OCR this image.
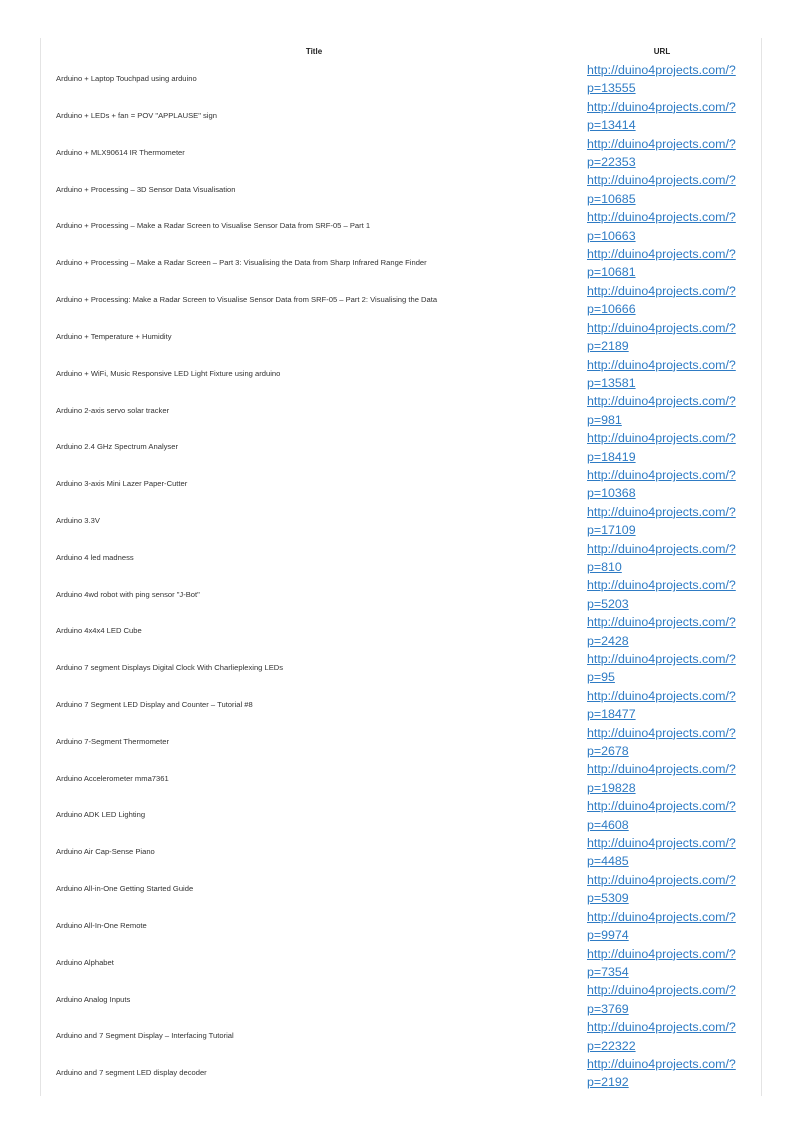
Title	URL
Arduino + Laptop Touchpad using arduino	http://duino4projects.com/?p=13555
Arduino + LEDs + fan = POV "APPLAUSE" sign	http://duino4projects.com/?p=13414
Arduino + MLX90614 IR Thermometer	http://duino4projects.com/?p=22353
Arduino + Processing – 3D Sensor Data Visualisation	http://duino4projects.com/?p=10685
Arduino + Processing – Make a Radar Screen to Visualise Sensor Data from SRF-05 – Part 1	http://duino4projects.com/?p=10663
Arduino + Processing – Make a Radar Screen – Part 3: Visualising the Data from Sharp Infrared Range Finder	http://duino4projects.com/?p=10681
Arduino + Processing: Make a Radar Screen to Visualise Sensor Data from SRF-05 – Part 2: Visualising the Data	http://duino4projects.com/?p=10666
Arduino + Temperature + Humidity	http://duino4projects.com/?p=2189
Arduino + WiFi, Music Responsive LED Light Fixture using arduino	http://duino4projects.com/?p=13581
Arduino 2-axis servo solar tracker	http://duino4projects.com/?p=981
Arduino 2.4 GHz Spectrum Analyser	http://duino4projects.com/?p=18419
Arduino 3-axis Mini Lazer Paper-Cutter	http://duino4projects.com/?p=10368
Arduino 3.3V	http://duino4projects.com/?p=17109
Arduino 4 led madness	http://duino4projects.com/?p=810
Arduino 4wd robot with ping sensor "J-Bot"	http://duino4projects.com/?p=5203
Arduino 4x4x4 LED Cube	http://duino4projects.com/?p=2428
Arduino 7 segment Displays Digital Clock With Charlieplexing LEDs	http://duino4projects.com/?p=95
Arduino 7 Segment LED Display and Counter – Tutorial #8	http://duino4projects.com/?p=18477
Arduino 7-Segment Thermometer	http://duino4projects.com/?p=2678
Arduino Accelerometer mma7361	http://duino4projects.com/?p=19828
Arduino ADK LED Lighting	http://duino4projects.com/?p=4608
Arduino Air Cap-Sense Piano	http://duino4projects.com/?p=4485
Arduino All-in-One Getting Started Guide	http://duino4projects.com/?p=5309
Arduino All-In-One Remote	http://duino4projects.com/?p=9974
Arduino Alphabet	http://duino4projects.com/?p=7354
Arduino Analog Inputs	http://duino4projects.com/?p=3769
Arduino and 7 Segment Display – Interfacing Tutorial	http://duino4projects.com/?p=22322
Arduino and 7 segment LED display decoder	http://duino4projects.com/?p=2192
